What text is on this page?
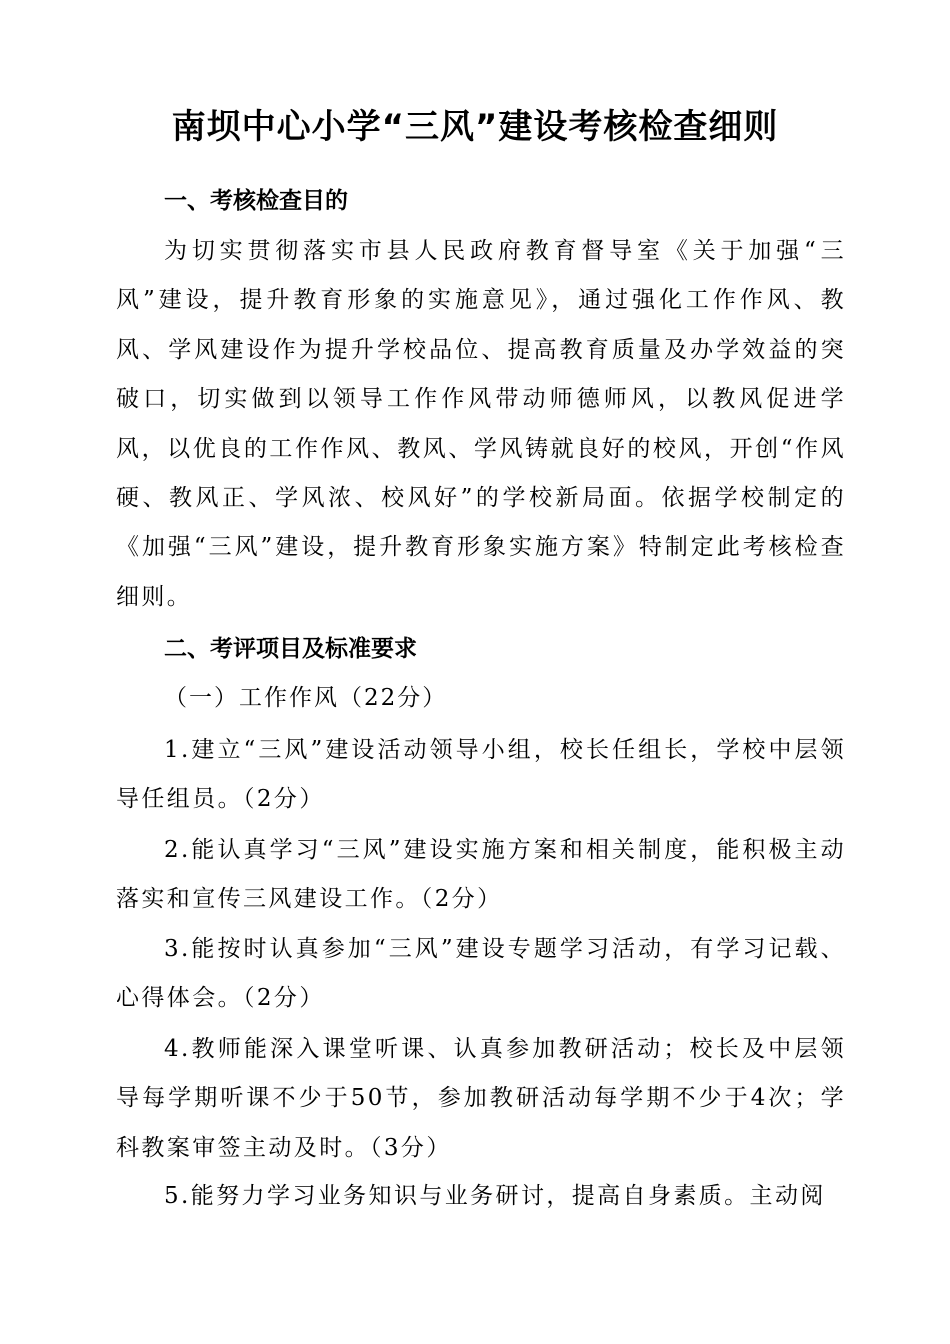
南坝中心小学“三风”建设考核检查细则
一、考核检查目的
为切实贯彻落实市县人民政府教育督导室《关于加强“三风”建设，提升教育形象的实施意见》，通过强化工作作风、教风、学风建设作为提升学校品位、提高教育质量及办学效益的突破口，切实做到以领导工作作风带动师德师风，以教风促进学风，以优良的工作作风、教风、学风铸就良好的校风，开创“作风硬、教风正、学风浓、校风好”的学校新局面。依据学校制定的《加强“三风”建设，提升教育形象实施方案》特制定此考核检查细则。
二、考评项目及标准要求
（一）工作作风（22分）
1.建立“三风”建设活动领导小组，校长任组长，学校中层领导任组员。（2分）
2.能认真学习“三风”建设实施方案和相关制度，能积极主动落实和宣传三风建设工作。（2分）
3.能按时认真参加“三风”建设专题学习活动，有学习记载、心得体会。（2分）
4.教师能深入课堂听课、认真参加教研活动；校长及中层领导每学期听课不少于50节，参加教研活动每学期不少于4次；学科教案审签主动及时。（3分）
5.能努力学习业务知识与业务研讨，提高自身素质。主动阅
